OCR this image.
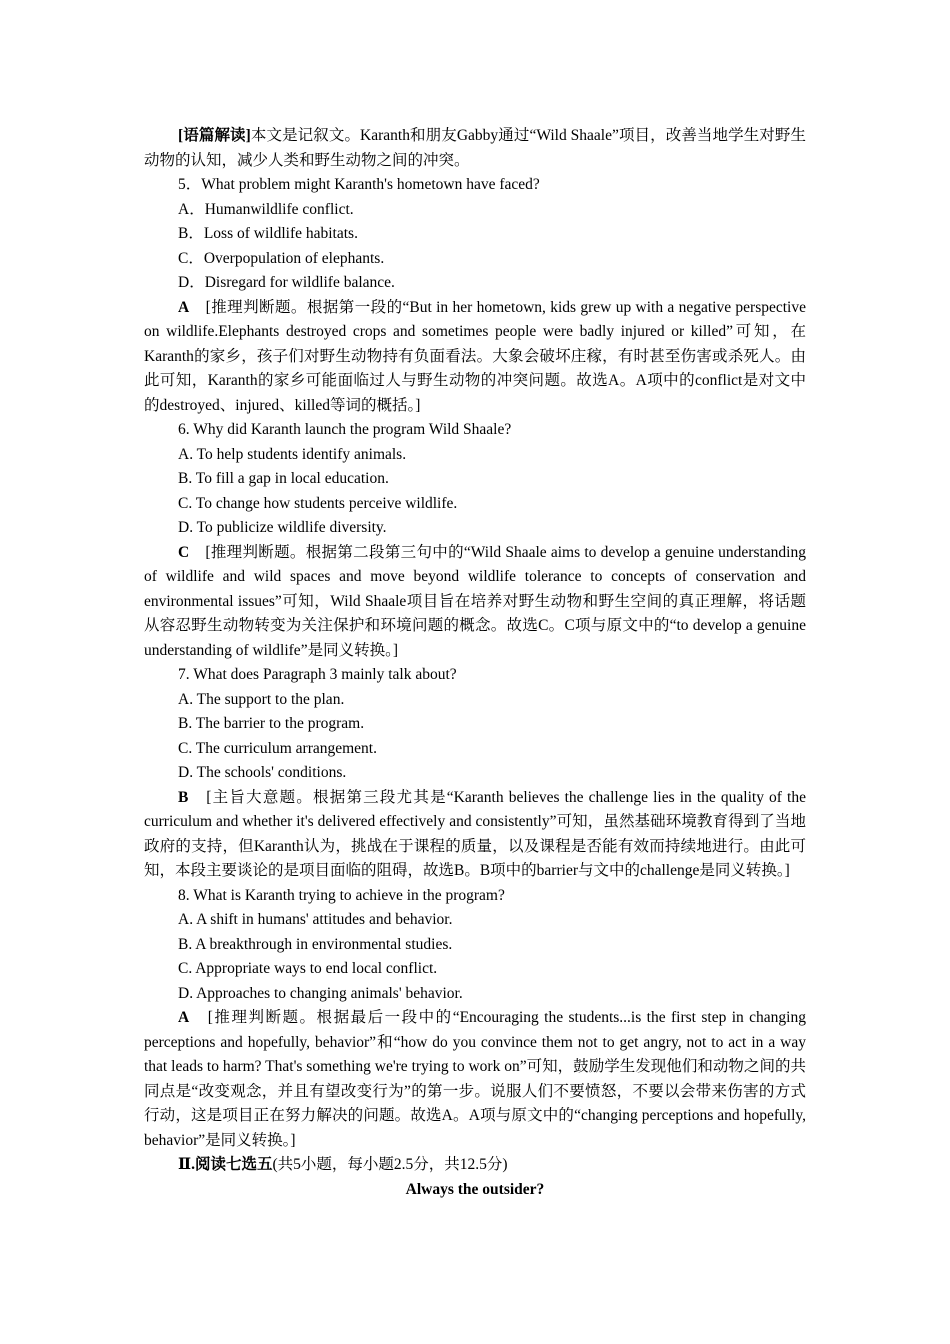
[语篇解读]本文是记叙文。Karanth和朋友Gabby通过“Wild Shaale”项目，改善当地学生对野生动物的认知，减少人类和野生动物之间的冲突。

5．What problem might Karanth's hometown have faced?

A．Humanwildlife conflict.

B．Loss of wildlife habitats.

C．Overpopulation of elephants.

D．Disregard for wildlife balance.

A　 [推理判断题。根据第一段的“But in her hometown, kids grew up with a negative perspective on wildlife.Elephants destroyed crops and sometimes people were badly injured or killed”可知，在Karanth的家乡，孩子们对野生动物持有负面看法。大象会破坏庄稼，有时甚至伤害或杀死人。由此可知，Karanth的家乡可能面临过人与野生动物的冲突问题。故选A。A项中的conflict是对文中的destroyed、injured、killed等词的概括。]

6. Why did Karanth launch the program Wild Shaale?

A. To help students identify animals.

B. To fill a gap in local education.

C. To change how students perceive wildlife.

D. To publicize wildlife diversity.

C　 [推理判断题。根据第二段第三句中的“Wild Shaale aims to develop a genuine understanding of wildlife and wild spaces and move beyond wildlife tolerance to concepts of conservation and environmental issues”可知，Wild Shaale项目旨在培养对野生动物和野生空间的真正理解，将话题从容忍野生动物转变为关注保护和环境问题的概念。故选C。C项与原文中的“to develop a genuine understanding of wildlife”是同义转换。]

7. What does Paragraph 3 mainly talk about?

A. The support to the plan.

B. The barrier to the program.

C. The curriculum arrangement.

D. The schools' conditions.

B　 [主旨大意题。根据第三段尤其是“Karanth believes the challenge lies in the quality of the curriculum and whether it's delivered effectively and consistently”可知，虽然基础环境教育得到了当地政府的支持，但Karanth认为，挑战在于课程的质量，以及课程是否能有效而持续地进行。由此可知，本段主要谈论的是项目面临的阻碍，故选B。B项中的barrier与文中的challenge是同义转换。]

8. What is Karanth trying to achieve in the program?

A. A shift in humans' attitudes and behavior.

B. A breakthrough in environmental studies.

C. Appropriate ways to end local conflict.

D. Approaches to changing animals' behavior.

A　 [推理判断题。根据最后一段中的“Encouraging the students...is the first step in changing perceptions and hopefully, behavior”和“how do you convince them not to get angry, not to act in a way that leads to harm? That's something we're trying to work on”可知，鼓励学生发现他们和动物之间的共同点是“改变观念，并且有望改变行为”的第一步。说服人们不要愤怒，不要以会带来伤害的方式行动，这是项目正在努力解决的问题。故选A。A项与原文中的“changing perceptions and hopefully, behavior”是同义转换。]

Ⅱ.阅读七选五(共5小题，每小题2.5分，共12.5分)

Always the outsider?
